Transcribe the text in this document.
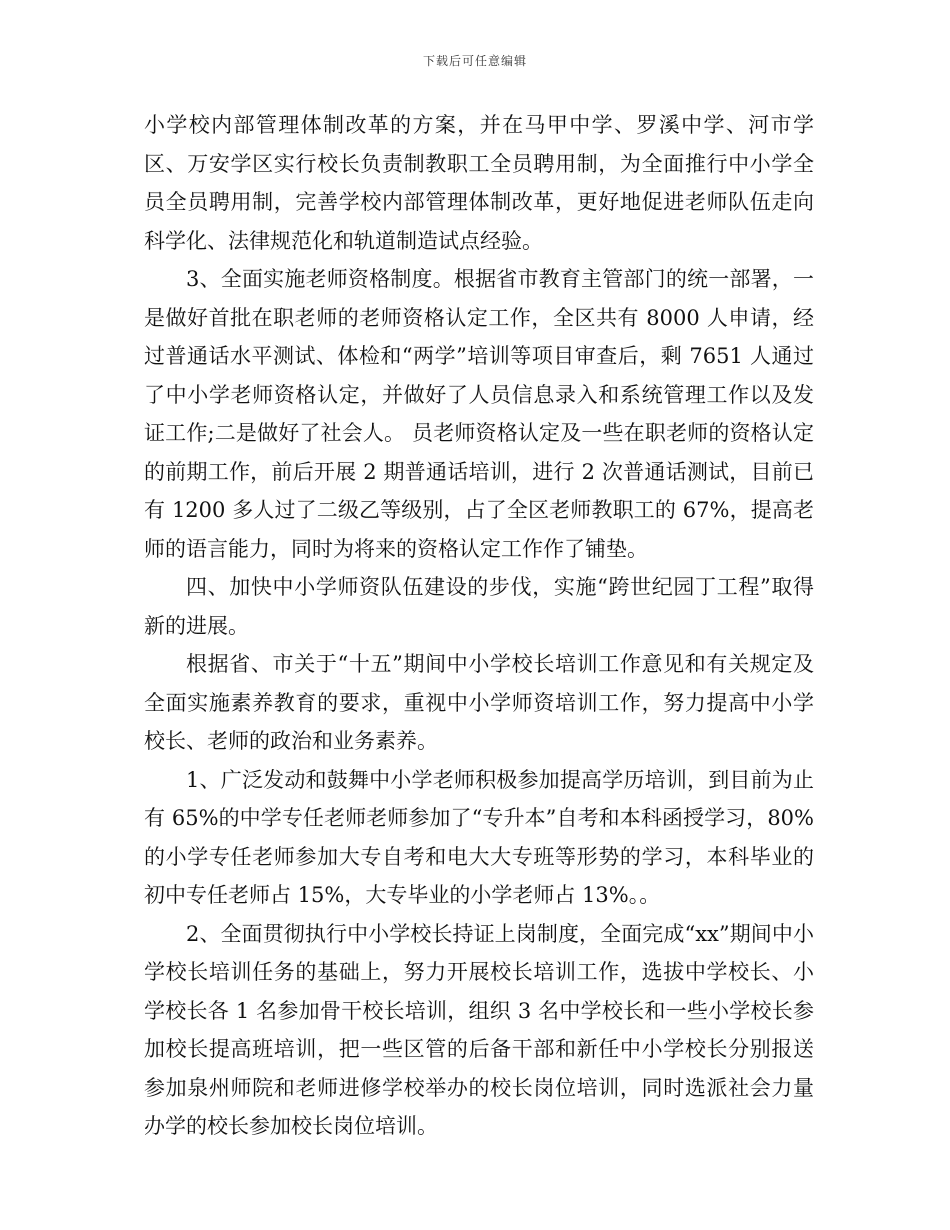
下载后可任意编辑

小学校内部管理体制改革的方案，并在马甲中学、罗溪中学、河市学区、万安学区实行校长负责制教职工全员聘用制，为全面推行中小学全员全员聘用制，完善学校内部管理体制改革，更好地促进老师队伍走向科学化、法律规范化和轨道制造试点经验。

3、全面实施老师资格制度。根据省市教育主管部门的统一部署，一是做好首批在职老师的老师资格认定工作，全区共有 8000 人申请，经过普通话水平测试、体检和“两学”培训等项目审查后，剩 7651 人通过了中小学老师资格认定，并做好了人员信息录入和系统管理工作以及发证工作;二是做好了社会人。 员老师资格认定及一些在职老师的资格认定的前期工作，前后开展 2 期普通话培训，进行 2 次普通话测试，目前已有 1200 多人过了二级乙等级别，占了全区老师教职工的 67%，提高老师的语言能力，同时为将来的资格认定工作作了铺垫。

四、加快中小学师资队伍建设的步伐，实施“跨世纪园丁工程”取得新的进展。

根据省、市关于“十五”期间中小学校长培训工作意见和有关规定及全面实施素养教育的要求，重视中小学师资培训工作，努力提高中小学校长、老师的政治和业务素养。

1、广泛发动和鼓舞中小学老师积极参加提高学历培训，到目前为止有 65%的中学专任老师老师参加了“专升本”自考和本科函授学习，80%的小学专任老师参加大专自考和电大大专班等形势的学习，本科毕业的初中专任老师占 15%，大专毕业的小学老师占 13%。。

2、全面贯彻执行中小学校长持证上岗制度，全面完成“xx”期间中小学校长培训任务的基础上，努力开展校长培训工作，选拔中学校长、小学校长各 1 名参加骨干校长培训，组织 3 名中学校长和一些小学校长参加校长提高班培训，把一些区管的后备干部和新任中小学校长分别报送参加泉州师院和老师进修学校举办的校长岗位培训，同时选派社会力量办学的校长参加校长岗位培训。
